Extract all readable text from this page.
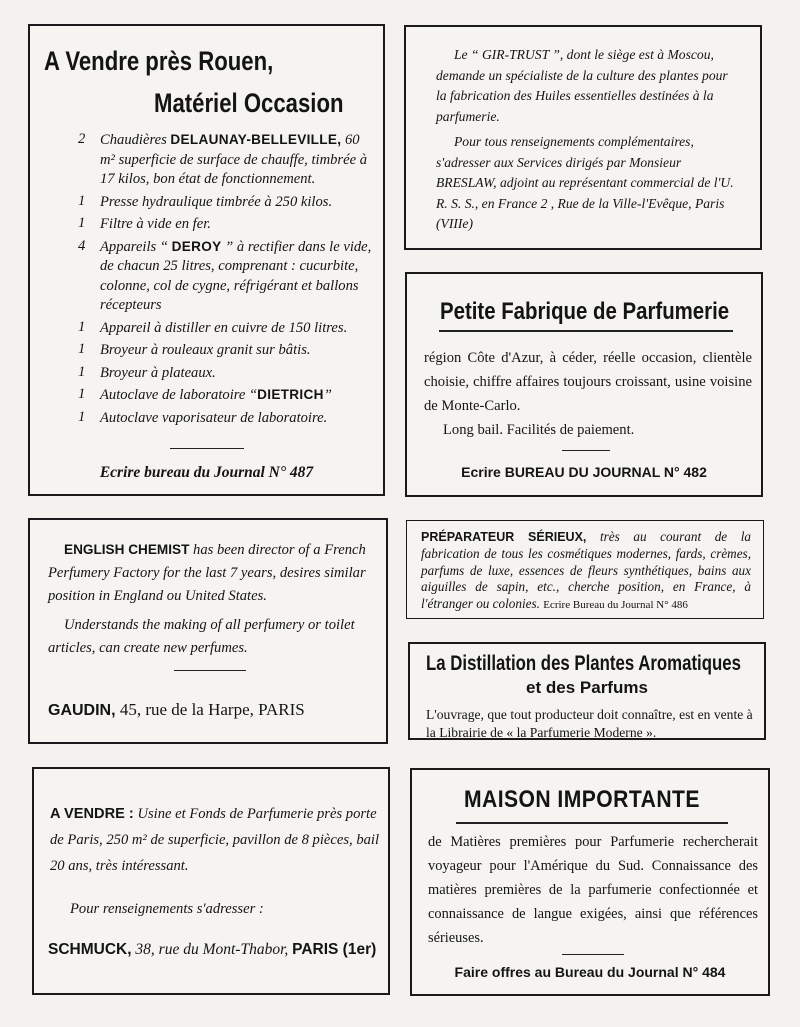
A Vendre près Rouen,
Matériel Occasion
2 Chaudières DELAUNAY-BELLEVILLE, 60 m² superficie de surface de chauffe, timbrée à 17 kilos, bon état de fonctionnement.
1 Presse hydraulique timbrée à 250 kilos.
1 Filtre à vide en fer.
4 Appareils “ DEROY ” à rectifier dans le vide, de chacun 25 litres, comprenant : cucurbite, colonne, col de cygne, réfrigérant et ballons récepteurs
1 Appareil à distiller en cuivre de 150 litres.
1 Broyeur à rouleaux granit sur bâtis.
1 Broyeur à plateaux.
1 Autoclave de laboratoire “DIETRICH”
1 Autoclave vaporisateur de laboratoire.
Ecrire bureau du Journal N° 487

Le “ GIR-TRUST ”, dont le siège est à Moscou, demande un spécialiste de la culture des plantes pour la fabrication des Huiles essentielles destinées à la parfumerie.

Pour tous renseignements complémentaires, s'adresser aux Services dirigés par Monsieur BRESLAW, adjoint au représentant commercial de l'U. R. S. S., en France 2 , Rue de la Ville-l'Evêque, Paris (VIIIe)

Petite Fabrique de Parfumerie
région Côte d'Azur, à céder, réelle occasion, clientèle choisie, chiffre affaires toujours croissant, usine voisine de Monte-Carlo.
Long bail. Facilités de paiement.
Ecrire BUREAU DU JOURNAL N° 482

ENGLISH CHEMIST has been director of a French Perfumery Factory for the last 7 years, desires similar position in England ou United States.

Understands the making of all perfumery or toilet articles, can create new perfumes.

GAUDIN, 45, rue de la Harpe, PARIS
PRÉPARATEUR SÉRIEUX, très au courant de la fabrication de tous les cosmétiques modernes, fards, crèmes, parfums de luxe, essences de fleurs synthétiques, bains aux aiguilles de sapin, etc., cherche position, en France, à l'étranger ou colonies. Ecrire Bureau du Journal N° 486
La Distillation des Plantes Aromatiques
et des Parfums
L'ouvrage, que tout producteur doit connaître, est en vente à la Librairie de « la Parfumerie Moderne ».
A VENDRE : Usine et Fonds de Parfumerie près porte de Paris, 250 m² de superficie, pavillon de 8 pièces, bail 20 ans, très intéressant.
Pour renseignements s'adresser :
SCHMUCK, 38, rue du Mont-Thabor, PARIS (1er)
MAISON IMPORTANTE
de Matières premières pour Parfumerie rechercherait voyageur pour l'Amérique du Sud. Connaissance des matières premières de la parfumerie confectionnée et connaissance de langue exigées, ainsi que références sérieuses.
Faire offres au Bureau du Journal N° 484
